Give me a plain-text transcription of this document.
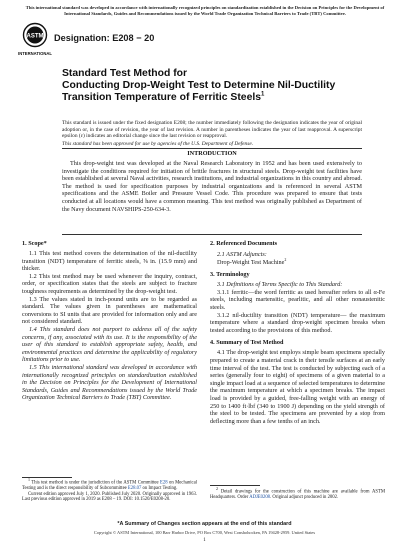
This international standard was developed in accordance with internationally recognized principles on standardization established in the Decision on Principles for the Development of International Standards, Guides and Recommendations issued by the World Trade Organization Technical Barriers to Trade (TBT) Committee.
ASTM
INTERNATIONAL
Designation: E208 − 20
Standard Test Method for
Conducting Drop-Weight Test to Determine Nil-Ductility
Transition Temperature of Ferritic Steels$^1$
This standard is issued under the fixed designation E208; the number immediately following the designation indicates the year of original adoption or, in the case of revision, the year of last revision. A number in parentheses indicates the year of last reapproval. A superscript epsilon (ε) indicates an editorial change since the last revision or reapproval.
This standard has been approved for use by agencies of the U.S. Department of Defense.
INTRODUCTION
This drop-weight test was developed at the Naval Research Laboratory in 1952 and has been used extensively to investigate the conditions required for initiation of brittle fractures in structural steels. Drop-weight test facilities have been established at several Naval activities, research institutions, and industrial organizations in this country and abroad. The method is used for specification purposes by industrial organizations and is referenced in several ASTM specifications and the ASME Boiler and Pressure Vessel Code. This procedure was prepared to ensure that tests conducted at all locations would have a common meaning. This test method was originally published as Department of the Navy document NAVSHIPS-250-634-3.
1. Scope*
1.1 This test method covers the determination of the nil-ductility transition (NDT) temperature of ferritic steels, ⅝ in. (15.9 mm) and thicker.
1.2 This test method may be used whenever the inquiry, contract, order, or specification states that the steels are subject to fracture toughness requirements as determined by the drop-weight test.
1.3 The values stated in inch-pound units are to be regarded as standard. The values given in parentheses are mathematical conversions to SI units that are provided for information only and are not considered standard.
1.4 This standard does not purport to address all of the safety concerns, if any, associated with its use. It is the responsibility of the user of this standard to establish appropriate safety, health, and environmental practices and determine the applicability of regulatory limitations prior to use.
1.5 This international standard was developed in accordance with internationally recognized principles on standardization established in the Decision on Principles for the Development of International Standards, Guides and Recommendations issued by the World Trade Organization Technical Barriers to Trade (TBT) Committee.
1 This test method is under the jurisdiction of the ASTM Committee E28 on Mechanical Testing and is the direct responsibility of Subcommittee E28.07 on Impact Testing.
Current edition approved July 1, 2020. Published July 2020. Originally approved in 1963. Last previous edition approved in 2019 as E208 – 19. DOI: 10.1520/E0208-20.
2. Referenced Documents
2.1 ASTM Adjuncts:
Drop-Weight Test Machine$^2$
3. Terminology
3.1 Definitions of Terms Specific to This Standard:
3.1.1 ferritic—the word ferritic as used hereafter refers to all α-Fe steels, including martensitic, pearlitic, and all other nonaustenitic steels.
3.1.2 nil-ductility transition (NDT) temperature— the maximum temperature where a standard drop-weight specimen breaks when tested according to the provisions of this method.
4. Summary of Test Method
4.1 The drop-weight test employs simple beam specimens specially prepared to create a material crack in their tensile surfaces at an early time interval of the test. The test is conducted by subjecting each of a series (generally four to eight) of specimens of a given material to a single impact load at a sequence of selected temperatures to determine the maximum temperature at which a specimen breaks. The impact load is provided by a guided, free-falling weight with an energy of 250 to 1400 ft·lbf (340 to 1900 J) depending on the yield strength of the steel to be tested. The specimens are prevented by a stop from deflecting more than a few tenths of an inch.
2 Detail drawings for the construction of this machine are available from ASTM Headquarters. Order ADJE0208. Original adjunct produced in 2002.
*A Summary of Changes section appears at the end of this standard
Copyright © ASTM International, 100 Barr Harbor Drive, PO Box C700, West Conshohocken, PA 19428-2959. United States
1
